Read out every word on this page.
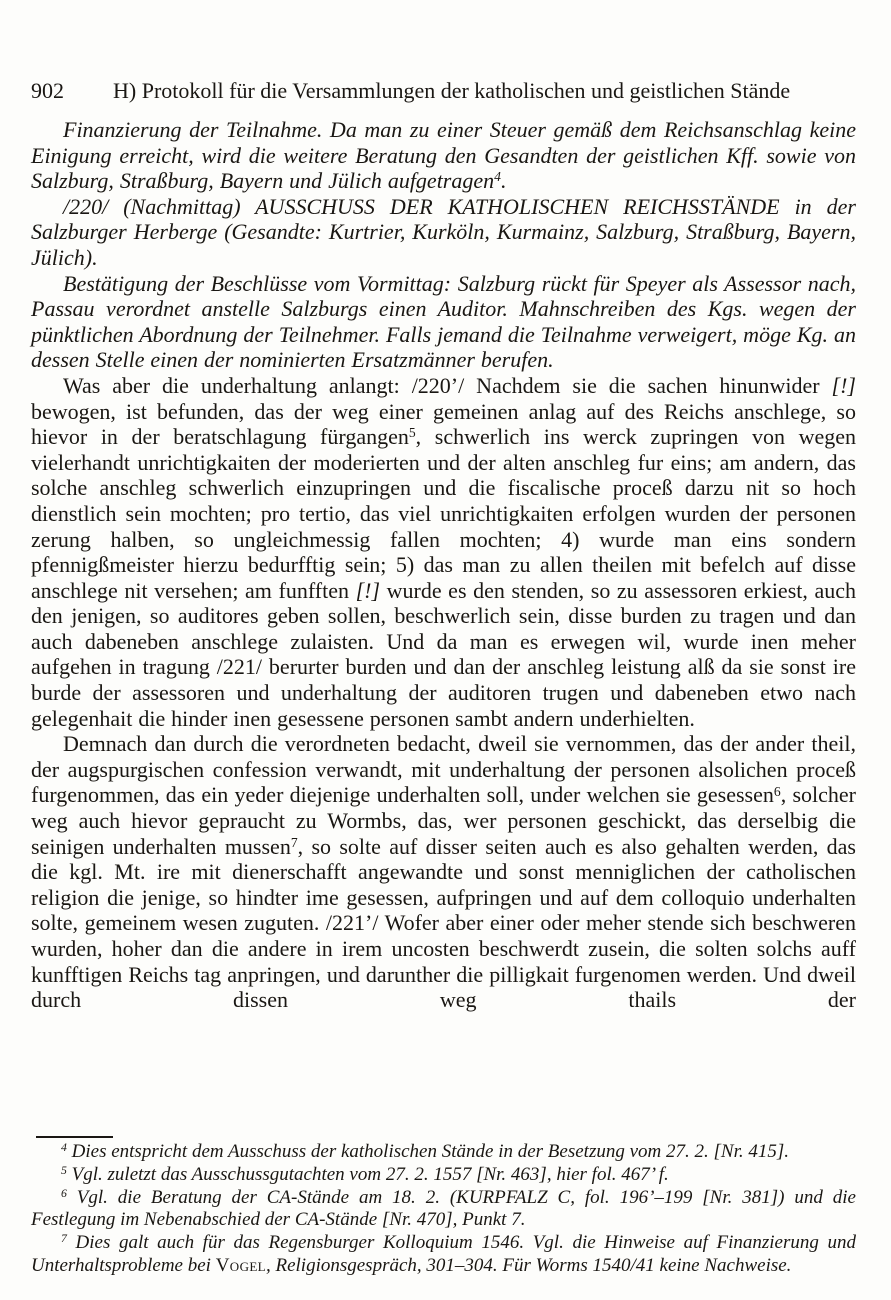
902 H) Protokoll für die Versammlungen der katholischen und geistlichen Stände

Finanzierung der Teilnahme. Da man zu einer Steuer gemäß dem Reichsanschlag keine Einigung erreicht, wird die weitere Beratung den Gesandten der geistlichen Kff. sowie von Salzburg, Straßburg, Bayern und Jülich aufgetragen$^4$.

/220/ (Nachmittag) AUSSCHUSS DER KATHOLISCHEN REICHSSTÄNDE in der Salzburger Herberge (Gesandte: Kurtrier, Kurköln, Kurmainz, Salzburg, Straßburg, Bayern, Jülich).

Bestätigung der Beschlüsse vom Vormittag: Salzburg rückt für Speyer als Assessor nach, Passau verordnet anstelle Salzburgs einen Auditor. Mahnschreiben des Kgs. wegen der pünktlichen Abordnung der Teilnehmer. Falls jemand die Teilnahme verweigert, möge Kg. an dessen Stelle einen der nominierten Ersatzmänner berufen.

Was aber die underhaltung anlangt: /220’/ Nachdem sie die sachen hinunwider [!] bewogen, ist befunden, das der weg einer gemeinen anlag auf des Reichs anschlege, so hievor in der beratschlagung fürgangen$^5$, schwerlich ins werck zupringen von wegen vielerhandt unrichtigkaiten der moderierten und der alten anschleg fur eins; am andern, das solche anschleg schwerlich einzupringen und die fiscalische proceß darzu nit so hoch dienstlich sein mochten; pro tertio, das viel unrichtigkaiten erfolgen wurden der personen zerung halben, so ungleichmessig fallen mochten; 4) wurde man eins sondern pfennigßmeister hierzu bedurfftig sein; 5) das man zu allen theilen mit befelch auf disse anschlege nit versehen; am funfften [!] wurde es den stenden, so zu assessoren erkiest, auch den jenigen, so auditores geben sollen, beschwerlich sein, disse burden zu tragen und dan auch dabeneben anschlege zulaisten. Und da man es erwegen wil, wurde inen meher aufgehen in tragung /221/ berurter burden und dan der anschleg leistung alß da sie sonst ire burde der assessoren und underhaltung der auditoren trugen und dabeneben etwo nach gelegenhait die hinder inen gesessene personen sambt andern underhielten.

Demnach dan durch die verordneten bedacht, dweil sie vernommen, das der ander theil, der augspurgischen confession verwandt, mit underhaltung der personen alsolichen proceß furgenommen, das ein yeder diejenige underhalten soll, under welchen sie gesessen$^6$, solcher weg auch hievor gepraucht zu Wormbs, das, wer personen geschickt, das derselbig die seinigen underhalten mussen$^7$, so solte auf disser seiten auch es also gehalten werden, das die kgl. Mt. ire mit dienerschafft angewandte und sonst menniglichen der catholischen religion die jenige, so hindter ime gesessen, aufpringen und auf dem colloquio underhalten solte, gemeinem wesen zuguten. /221’/ Wofer aber einer oder meher stende sich beschweren wurden, hoher dan die andere in irem uncosten beschwerdt zusein, die solten solchs auff kunfftigen Reichs tag anpringen, und darunther die pilligkait furgenomen werden. Und dweil durch dissen weg thails der

$^4$ Dies entspricht dem Ausschuss der katholischen Stände in der Besetzung vom 27. 2. [Nr. 415].

$^5$ Vgl. zuletzt das Ausschussgutachten vom 27. 2. 1557 [Nr. 463], hier fol. 467’ f.

$^6$ Vgl. die Beratung der CA-Stände am 18. 2. (KURPFALZ C, fol. 196’–199 [Nr. 381]) und die Festlegung im Nebenabschied der CA-Stände [Nr. 470], Punkt 7.

$^7$ Dies galt auch für das Regensburger Kolloquium 1546. Vgl. die Hinweise auf Finanzierung und Unterhaltsprobleme bei Vogel, Religionsgespräch, 301–304. Für Worms 1540/41 keine Nachweise.
